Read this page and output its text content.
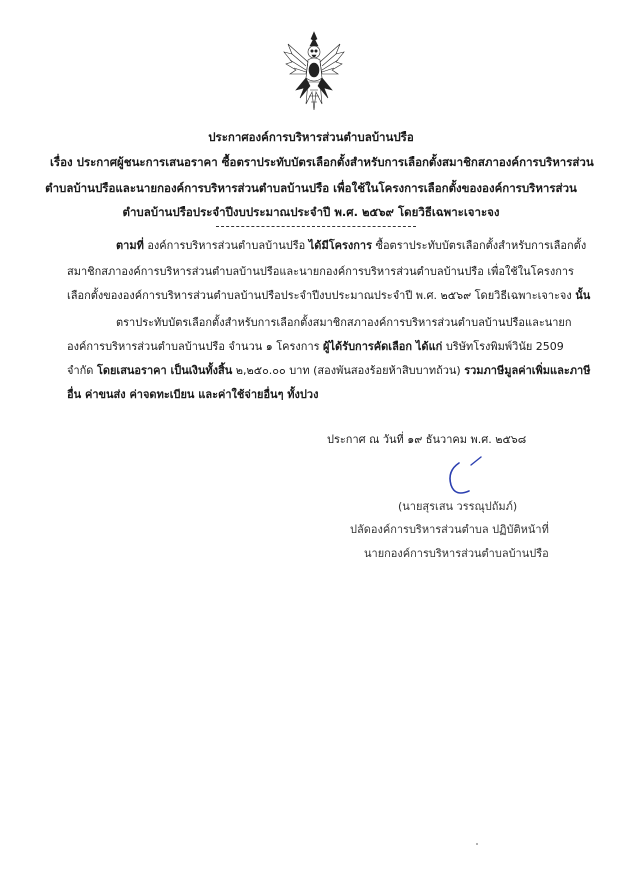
ประกาศองค์การบริหารส่วนตำบลบ้านปรือ
เรื่อง ประกาศผู้ชนะการเสนอราคา ซื้อตราประทับบัตรเลือกตั้งสำหรับการเลือกตั้งสมาชิกสภาองค์การบริหารส่วน
ตำบลบ้านปรือและนายกองค์การบริหารส่วนตำบลบ้านปรือ เพื่อใช้ในโครงการเลือกตั้งขององค์การบริหารส่วน
ตำบลบ้านปรือประจำปีงบประมาณประจำปี พ.ศ. ๒๕๖๙ โดยวิธีเฉพาะเจาะจง
ตามที่ องค์การบริหารส่วนตำบลบ้านปรือ ได้มีโครงการ ซื้อตราประทับบัตรเลือกตั้งสำหรับการเลือกตั้ง
สมาชิกสภาองค์การบริหารส่วนตำบลบ้านปรือและนายกองค์การบริหารส่วนตำบลบ้านปรือ เพื่อใช้ในโครงการ
เลือกตั้งขององค์การบริหารส่วนตำบลบ้านปรือประจำปีงบประมาณประจำปี พ.ศ. ๒๕๖๙ โดยวิธีเฉพาะเจาะจง นั้น
ตราประทับบัตรเลือกตั้งสำหรับการเลือกตั้งสมาชิกสภาองค์การบริหารส่วนตำบลบ้านปรือและนายก
องค์การบริหารส่วนตำบลบ้านปรือ จำนวน ๑ โครงการ ผู้ได้รับการคัดเลือก ได้แก่ บริษัทโรงพิมพ์วินัย 2509
จำกัด โดยเสนอราคา เป็นเงินทั้งสิ้น ๒,๒๕๐.๐๐ บาท (สองพันสองร้อยห้าสิบบาทถ้วน) รวมภาษีมูลค่าเพิ่มและภาษี
อื่น ค่าขนส่ง ค่าจดทะเบียน และค่าใช้จ่ายอื่นๆ ทั้งปวง
ประกาศ ณ วันที่ ๑๙ ธันวาคม พ.ศ. ๒๕๖๘
(นายสุรเสน วรรณุปถัมภ์)
ปลัดองค์การบริหารส่วนตำบล ปฏิบัติหน้าที่
นายกองค์การบริหารส่วนตำบลบ้านปรือ
